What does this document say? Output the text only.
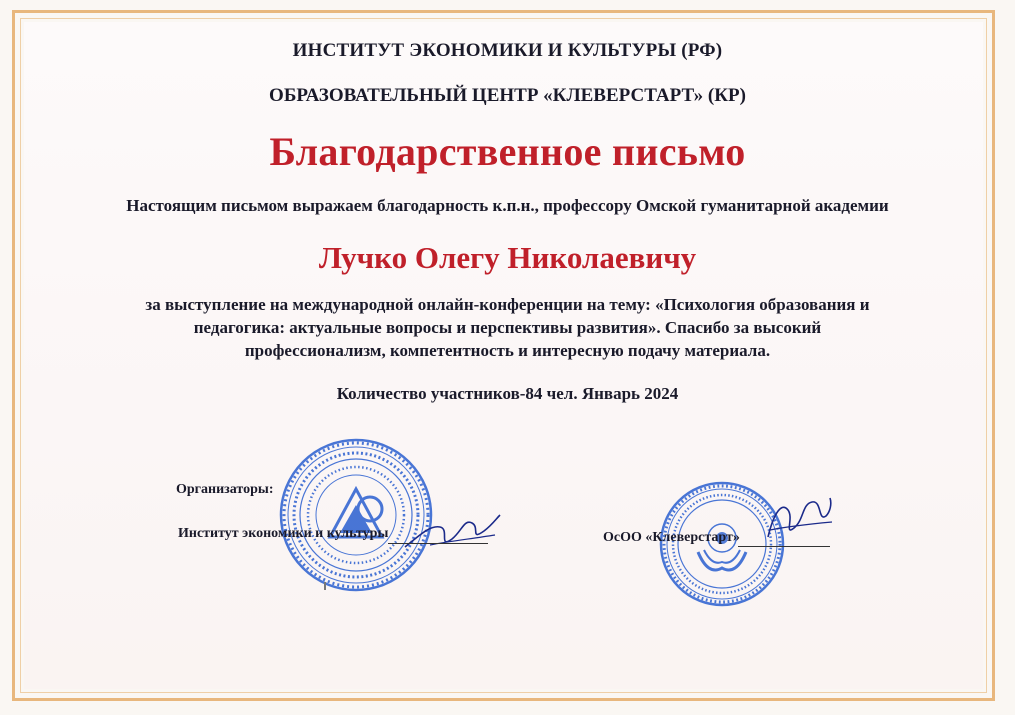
ИНСТИТУТ ЭКОНОМИКИ И КУЛЬТУРЫ (РФ)
ОБРАЗОВАТЕЛЬНЫЙ ЦЕНТР «КЛЕВЕРСТАРТ» (КР)
Благодарственное письмо
Настоящим письмом выражаем благодарность к.п.н., профессору Омской гуманитарной академии
Лучко Олегу Николаевичу
за выступление на международной онлайн-конференции на тему: «Психология образования и
педагогика: актуальные вопросы и перспективы развития». Спасибо за высокий
профессионализм, компетентность и интересную подачу материала.
Количество участников-84 чел. Январь 2024
Организаторы:
Институт экономики и культуры	ОсОО «Клеверстарт»
